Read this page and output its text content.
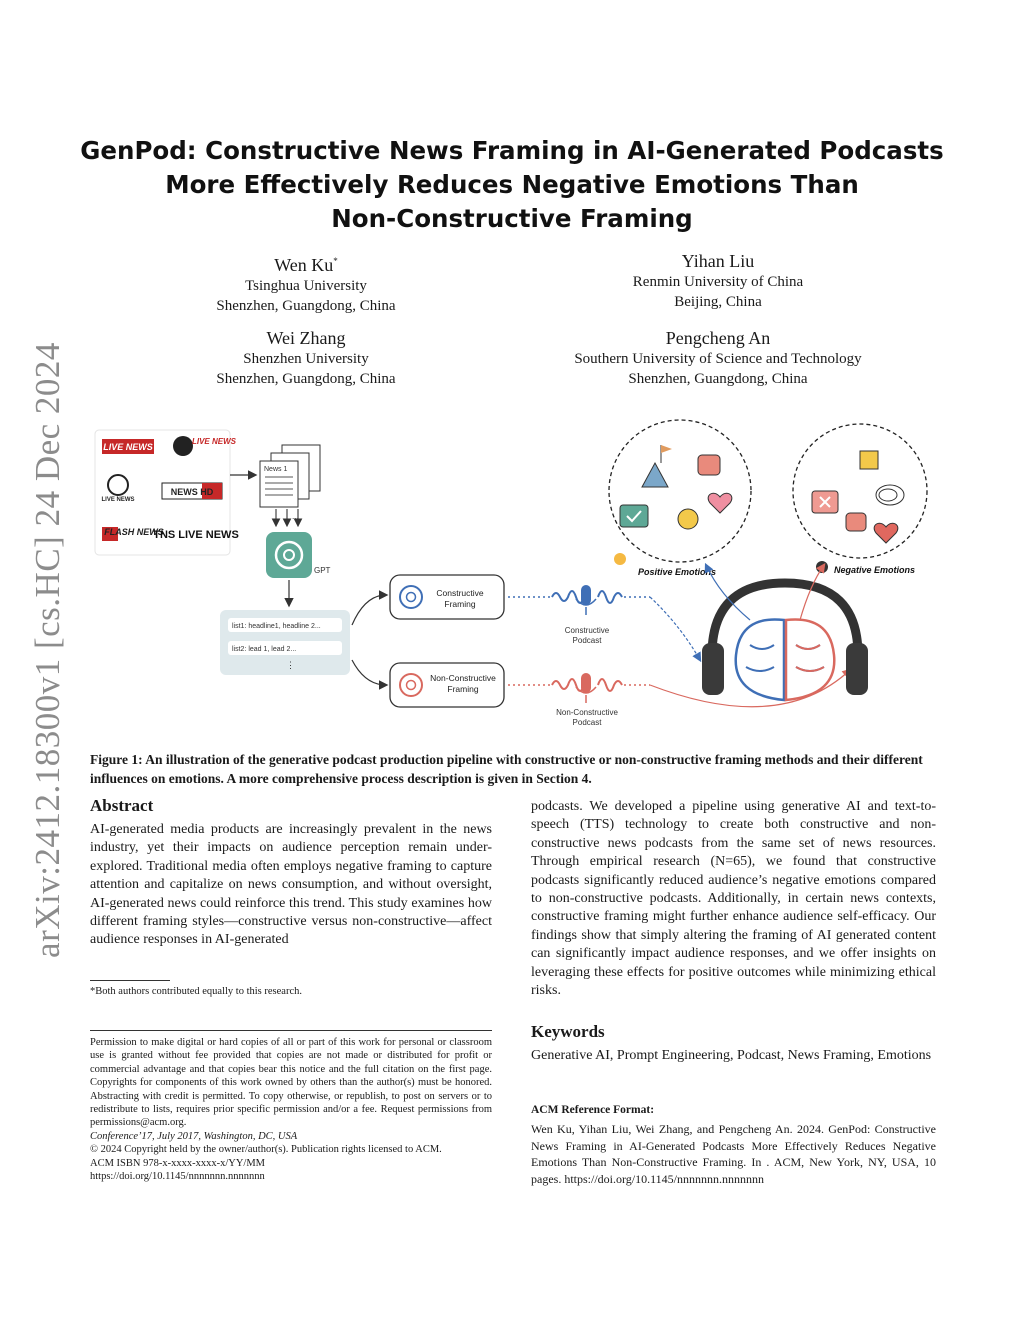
arXiv:2412.18300v1 [cs.HC] 24 Dec 2024
GenPod: Constructive News Framing in AI-Generated Podcasts
More Effectively Reduces Negative Emotions Than
Non-Constructive Framing
Wen Ku*
Tsinghua University
Shenzhen, Guangdong, China
Yihan Liu
Renmin University of China
Beijing, China
Wei Zhang
Shenzhen University
Shenzhen, Guangdong, China
Pengcheng An
Southern University of Science and Technology
Shenzhen, Guangdong, China
LIVE NEWS
LIVE NEWS
LIVE NEWS
NEWS HD
FLASH NEWS
TNS LIVE NEWS
News 1
...
GPT
list1: headline1, headline 2...
list2: lead 1, lead 2...
⋮
Constructive
Framing
Non-Constructive
Framing
Constructive
Podcast
Non-Constructive
Podcast
Positive Emotions	Negative Emotions
Figure 1: An illustration of the generative podcast production pipeline with constructive or non-constructive framing methods and their different influences on emotions. A more comprehensive process description is given in Section 4.
Abstract
AI-generated media products are increasingly prevalent in the news industry, yet their impacts on audience perception remain under-explored. Traditional media often employs negative framing to capture attention and capitalize on news consumption, and without oversight, AI-generated news could reinforce this trend. This study examines how different framing styles—constructive versus non-constructive—affect audience responses in AI-generated
podcasts. We developed a pipeline using generative AI and text-to-speech (TTS) technology to create both constructive and non-constructive news podcasts from the same set of news resources. Through empirical research (N=65), we found that constructive podcasts significantly reduced audience’s negative emotions compared to non-constructive podcasts. Additionally, in certain news contexts, constructive framing might further enhance audience self-efficacy. Our findings show that simply altering the framing of AI generated content can significantly impact audience responses, and we offer insights on leveraging these effects for positive outcomes while minimizing ethical risks.
*Both authors contributed equally to this research.
Permission to make digital or hard copies of all or part of this work for personal or classroom use is granted without fee provided that copies are not made or distributed for profit or commercial advantage and that copies bear this notice and the full citation on the first page. Copyrights for components of this work owned by others than the author(s) must be honored. Abstracting with credit is permitted. To copy otherwise, or republish, to post on servers or to redistribute to lists, requires prior specific permission and/or a fee. Request permissions from permissions@acm.org.
Conference’17, July 2017, Washington, DC, USA
© 2024 Copyright held by the owner/author(s). Publication rights licensed to ACM.
ACM ISBN 978-x-xxxx-xxxx-x/YY/MM
https://doi.org/10.1145/nnnnnnn.nnnnnnn
Keywords
Generative AI, Prompt Engineering, Podcast, News Framing, Emotions
ACM Reference Format:
Wen Ku, Yihan Liu, Wei Zhang, and Pengcheng An. 2024. GenPod: Constructive News Framing in AI-Generated Podcasts More Effectively Reduces Negative Emotions Than Non-Constructive Framing. In . ACM, New York, NY, USA, 10 pages. https://doi.org/10.1145/nnnnnnn.nnnnnnn
